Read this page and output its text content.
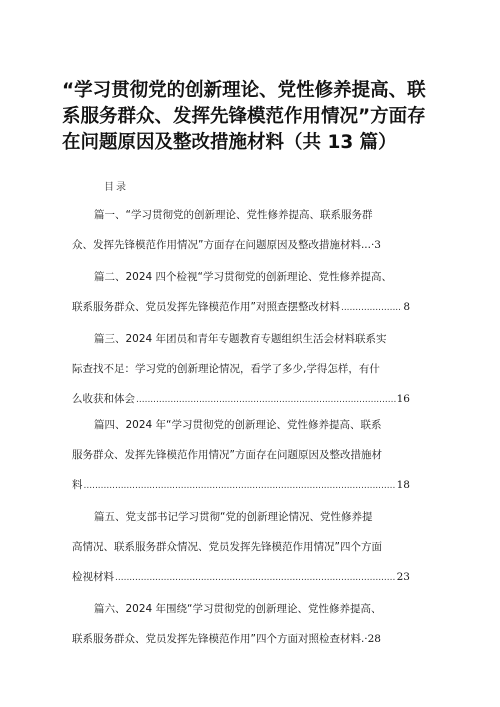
“学习贯彻党的创新理论、党性修养提高、联
系服务群众、发挥先锋模范作用情况”方面存
在问题原因及整改措施材料（共 13 篇）
目录
篇一、“学习贯彻党的创新理论、党性修养提高、联系服务群
众、发挥先锋模范作用情况”方面存在问题原因及整改措施材料... ·3
篇二、2024 四个检视“学习贯彻党的创新理论、党性修养提高、
联系服务群众、党员发挥先锋模范作用”对照查摆整改材料 .....	8
篇三、2024 年团员和青年专题教育专题组织生活会材料联系实
际查找不足：学习党的创新理论情况，看学了多少,学得怎样，有什
么收获和体会 .....	16
篇四、2024 年“学习贯彻党的创新理论、党性修养提高、联系
服务群众、发挥先锋模范作用情况”方面存在问题原因及整改措施材
料 .....	18
篇五、党支部书记学习贯彻“党的创新理论情况、党性修养提
高情况、联系服务群众情况、党员发挥先锋模范作用情况”四个方面
检视材料 .....	23
篇六、2024 年围绕“学习贯彻党的创新理论、党性修养提高、
联系服务群众、党员发挥先锋模范作用”四个方面对照检查材料. ·28
